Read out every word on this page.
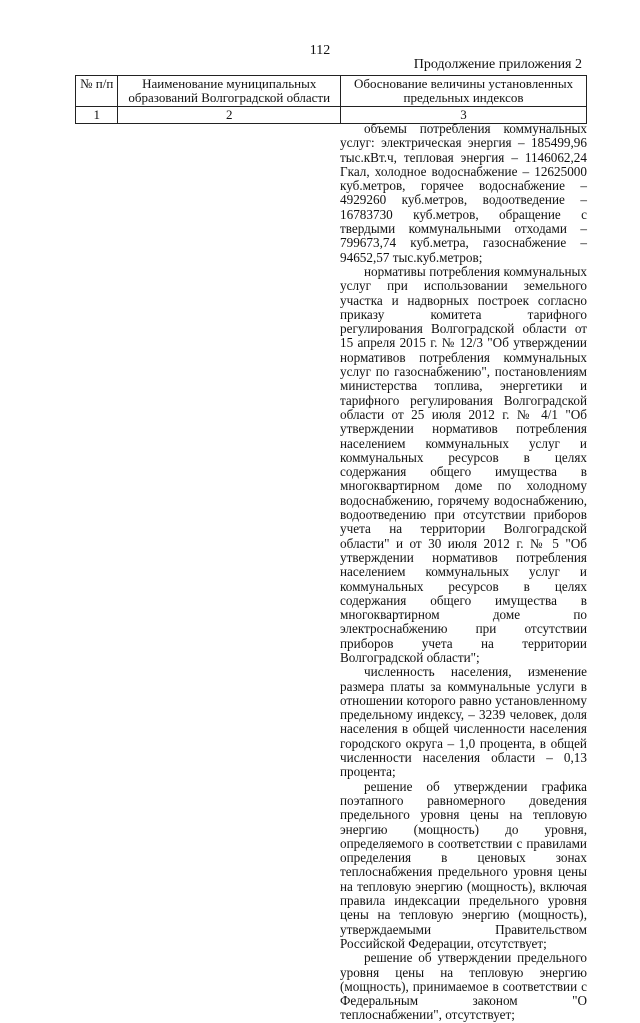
112
Продолжение приложения 2
№ п/п	Наименование муниципальных образований Волгоградской области	Обоснование величины установленных предельных индексов
1	2	3

объемы потребления коммунальных услуг: электрическая энергия – 185499,96 тыс.кВт.ч, тепловая энергия – 1146062,24 Гкал, холодное водоснабжение – 12625000 куб.метров, горячее водоснабжение – 4929260 куб.метров, водоотведение – 16783730 куб.метров, обращение с твердыми коммунальными отходами – 799673,74 куб.метра, газоснабжение – 94652,57 тыс.куб.метров;

нормативы потребления коммунальных услуг при использовании земельного участка и надворных построек согласно приказу комитета тарифного регулирования Волгоградской области от 15 апреля 2015 г. № 12/3 "Об утверждении нормативов потребления коммунальных услуг по газоснабжению", постановлениям министерства топлива, энергетики и тарифного регулирования Волгоградской области от 25 июля 2012 г. № 4/1 "Об утверждении нормативов потребления населением коммунальных услуг и коммунальных ресурсов в целях содержания общего имущества в многоквартирном доме по холодному водоснабжению, горячему водоснабжению, водоотведению при отсутствии приборов учета на территории Волгоградской области" и от 30 июля 2012 г. № 5 "Об утверждении нормативов потребления населением коммунальных услуг и коммунальных ресурсов в целях содержания общего имущества в многоквартирном доме по электроснабжению при отсутствии приборов учета на территории Волгоградской области";

численность населения, изменение размера платы за коммунальные услуги в отношении которого равно установленному предельному индексу, – 3239 человек, доля населения в общей численности населения городского округа – 1,0 процента, в общей численности населения области – 0,13 процента;

решение об утверждении графика поэтапного равномерного доведения предельного уровня цены на тепловую энергию (мощность) до уровня, определяемого в соответствии с правилами определения в ценовых зонах теплоснабжения предельного уровня цены на тепловую энергию (мощность), включая правила индексации предельного уровня цены на тепловую энергию (мощность), утверждаемыми Правительством Российской Федерации, отсутствует;

решение об утверждении предельного уровня цены на тепловую энергию (мощность), принимаемое в соответствии с Федеральным законом "О теплоснабжении", отсутствует;
